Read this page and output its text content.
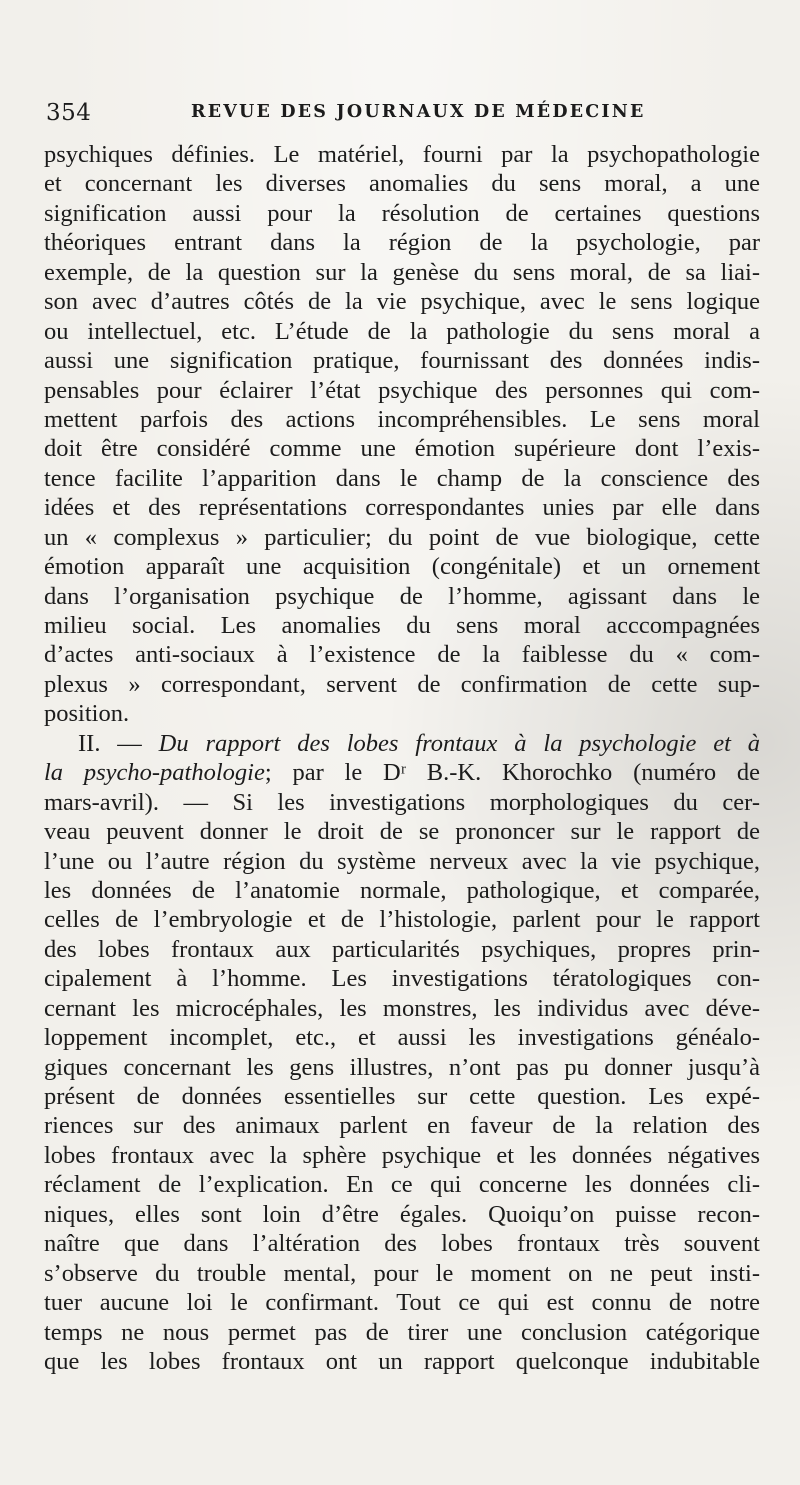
354	REVUE DES JOURNAUX DE MÉDECINE
psychiques définies. Le matériel, fourni par la psychopathologie
et concernant les diverses anomalies du sens moral, a une
signification aussi pour la résolution de certaines questions
théoriques entrant dans la région de la psychologie, par
exemple, de la question sur la genèse du sens moral, de sa liai-
son avec d’autres côtés de la vie psychique, avec le sens logique
ou intellectuel, etc. L’étude de la pathologie du sens moral a
aussi une signification pratique, fournissant des données indis-
pensables pour éclairer l’état psychique des personnes qui com-
mettent parfois des actions incompréhensibles. Le sens moral
doit être considéré comme une émotion supérieure dont l’exis-
tence facilite l’apparition dans le champ de la conscience des
idées et des représentations correspondantes unies par elle dans
un « complexus » particulier; du point de vue biologique, cette
émotion apparaît une acquisition (congénitale) et un ornement
dans l’organisation psychique de l’homme, agissant dans le
milieu social. Les anomalies du sens moral acccompagnées
d’actes anti-sociaux à l’existence de la faiblesse du « com-
plexus » correspondant, servent de confirmation de cette sup-
position.
II. — Du rapport des lobes frontaux à la psychologie et à
la psycho-pathologie; par le Dʳ B.-K. Khorochko (numéro de
mars-avril). — Si les investigations morphologiques du cer-
veau peuvent donner le droit de se prononcer sur le rapport de
l’une ou l’autre région du système nerveux avec la vie psychique,
les données de l’anatomie normale, pathologique, et comparée,
celles de l’embryologie et de l’histologie, parlent pour le rapport
des lobes frontaux aux particularités psychiques, propres prin-
cipalement à l’homme. Les investigations tératologiques con-
cernant les microcéphales, les monstres, les individus avec déve-
loppement incomplet, etc., et aussi les investigations généalo-
giques concernant les gens illustres, n’ont pas pu donner jusqu’à
présent de données essentielles sur cette question. Les expé-
riences sur des animaux parlent en faveur de la relation des
lobes frontaux avec la sphère psychique et les données négatives
réclament de l’explication. En ce qui concerne les données cli-
niques, elles sont loin d’être égales. Quoiqu’on puisse recon-
naître que dans l’altération des lobes frontaux très souvent
s’observe du trouble mental, pour le moment on ne peut insti-
tuer aucune loi le confirmant. Tout ce qui est connu de notre
temps ne nous permet pas de tirer une conclusion catégorique
que les lobes frontaux ont un rapport quelconque indubitable
